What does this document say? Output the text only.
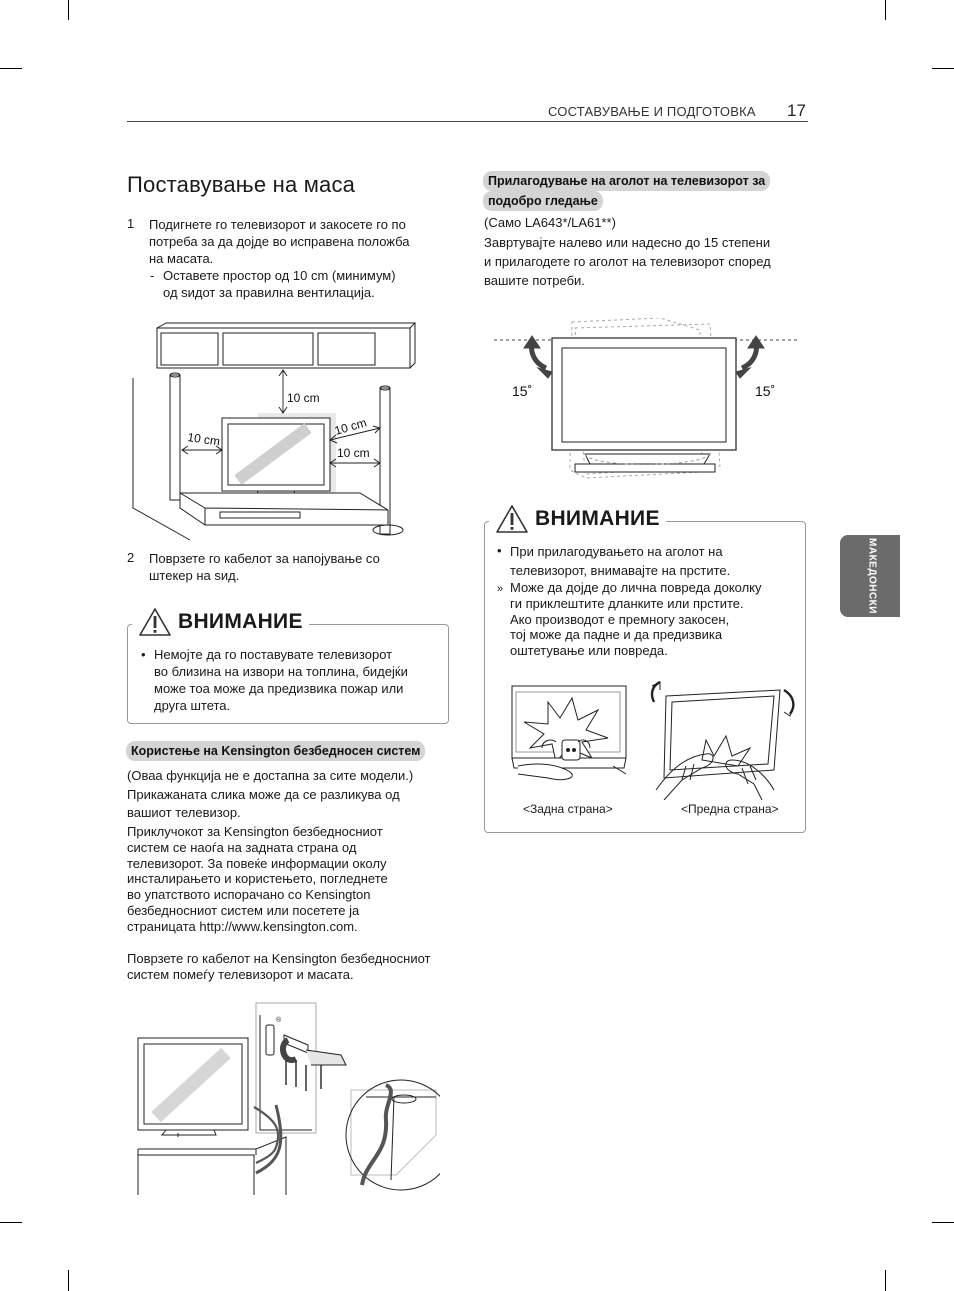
СОСТАВУВАЊЕ И ПОДГОТОВКА 17
МАКЕДОНСКИ
Поставување на маса
1 Подигнете го телевизорот и закосете го по
потреба за да дојде во исправена положба
на масата.
- Оставете простор од 10 cm (минимум)
од ѕидот за правилна вентилација.
10 cm
10 cm
10 cm
10 cm
2 Поврзете го кабелот за напојување со
штекер на ѕид.
ВНИМАНИЕ
• Немојте да го поставувате телевизорот
во близина на извори на топлина, бидејќи
може тоа може да предизвика пожар или
друга штета.
Користење на Kensington безбедносен систем
(Оваа функција не е достапна за сите модели.)
Прикажаната слика може да се разликува од
вашиот телевизор.
Приклучокот за Kensington безбедносниот
систем се наоѓа на задната страна од
телевизорот. За повеќе информации околу
инсталирањето и користењето, погледнете
во упатството испорачано со Kensington
безбедносниот систем или посетете ја
страницата http://www.kensington.com.
Поврзете го кабелот на Kensington безбедносниот
систем помеѓу телевизорот и масата.
®
Прилагодување на аголот на телевизорот за
подобро гледање
(Само LA643*/LA61**)
Завртувајте налево или надесно до 15 степени
и прилагодете го аголот на телевизорот според
вашите потреби.
15˚	15˚
ВНИМАНИЕ
• При прилагодувањето на аголот на
телевизорот, внимавајте на прстите.
» Може да дојде до лична повреда доколку
ги приклештите дланките или прстите.
Ако производот е премногу закосен,
тој може да падне и да предизвика
оштетување или повреда.
<Задна страна>	<Предна страна>
